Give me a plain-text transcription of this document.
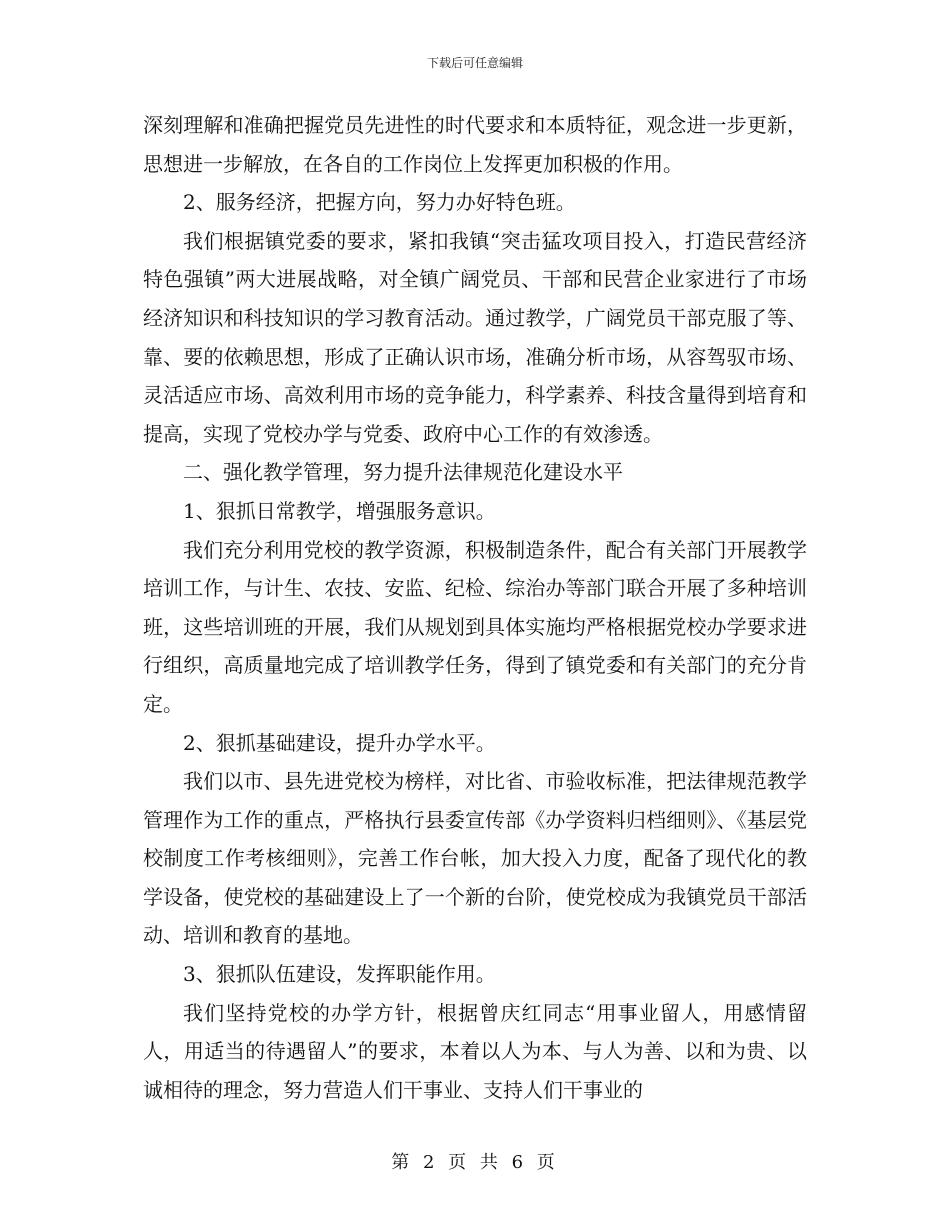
下载后可任意编辑

深刻理解和准确把握党员先进性的时代要求和本质特征，观念进一步更新，思想进一步解放，在各自的工作岗位上发挥更加积极的作用。

2、服务经济，把握方向，努力办好特色班。

我们根据镇党委的要求，紧扣我镇“突击猛攻项目投入，打造民营经济特色强镇”两大进展战略，对全镇广阔党员、干部和民营企业家进行了市场经济知识和科技知识的学习教育活动。通过教学，广阔党员干部克服了等、靠、要的依赖思想，形成了正确认识市场，准确分析市场，从容驾驭市场、灵活适应市场、高效利用市场的竞争能力，科学素养、科技含量得到培育和提高，实现了党校办学与党委、政府中心工作的有效渗透。

二、强化教学管理，努力提升法律规范化建设水平

1、狠抓日常教学，增强服务意识。

我们充分利用党校的教学资源，积极制造条件，配合有关部门开展教学培训工作，与计生、农技、安监、纪检、综治办等部门联合开展了多种培训班，这些培训班的开展，我们从规划到具体实施均严格根据党校办学要求进行组织，高质量地完成了培训教学任务，得到了镇党委和有关部门的充分肯定。

2、狠抓基础建设，提升办学水平。

我们以市、县先进党校为榜样，对比省、市验收标准，把法律规范教学管理作为工作的重点，严格执行县委宣传部《办学资料归档细则》、《基层党校制度工作考核细则》，完善工作台帐，加大投入力度，配备了现代化的教学设备，使党校的基础建设上了一个新的台阶，使党校成为我镇党员干部活动、培训和教育的基地。

3、狠抓队伍建设，发挥职能作用。

我们坚持党校的办学方针，根据曾庆红同志“用事业留人，用感情留人，用适当的待遇留人”的要求，本着以人为本、与人为善、以和为贵、以诚相待的理念，努力营造人们干事业、支持人们干事业的

第 2 页 共 6 页
